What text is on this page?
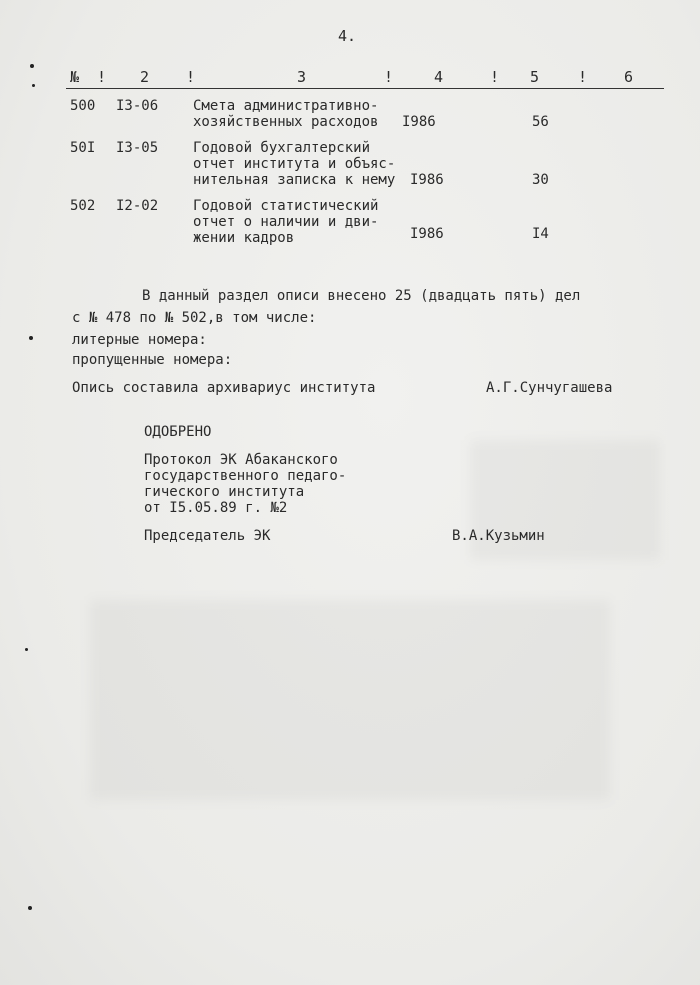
4.
№ ! 2 !	3	!	4	! 5	! 6
500 I3-06 Смета административно-
хозяйственных расходов I986	56
50I I3-05 Годовой бухгалтерский
отчет института и объяс-
нительная записка к нему I986	30
502 I2-02 Годовой статистический
отчет о наличии и дви-
жении кадров	I986	I4
В данный раздел описи внесено 25 (двадцать пять) дел
с № 478 по № 502,в том числе:
литерные номера:
пропущенные номера:
Опись составила архивариус института	А.Г.Сунчугашева
ОДОБРЕНО
Протокол ЭК Абаканского
государственного педаго-
гического института
от I5.05.89 г. №2
Председатель ЭК	В.А.Кузьмин
